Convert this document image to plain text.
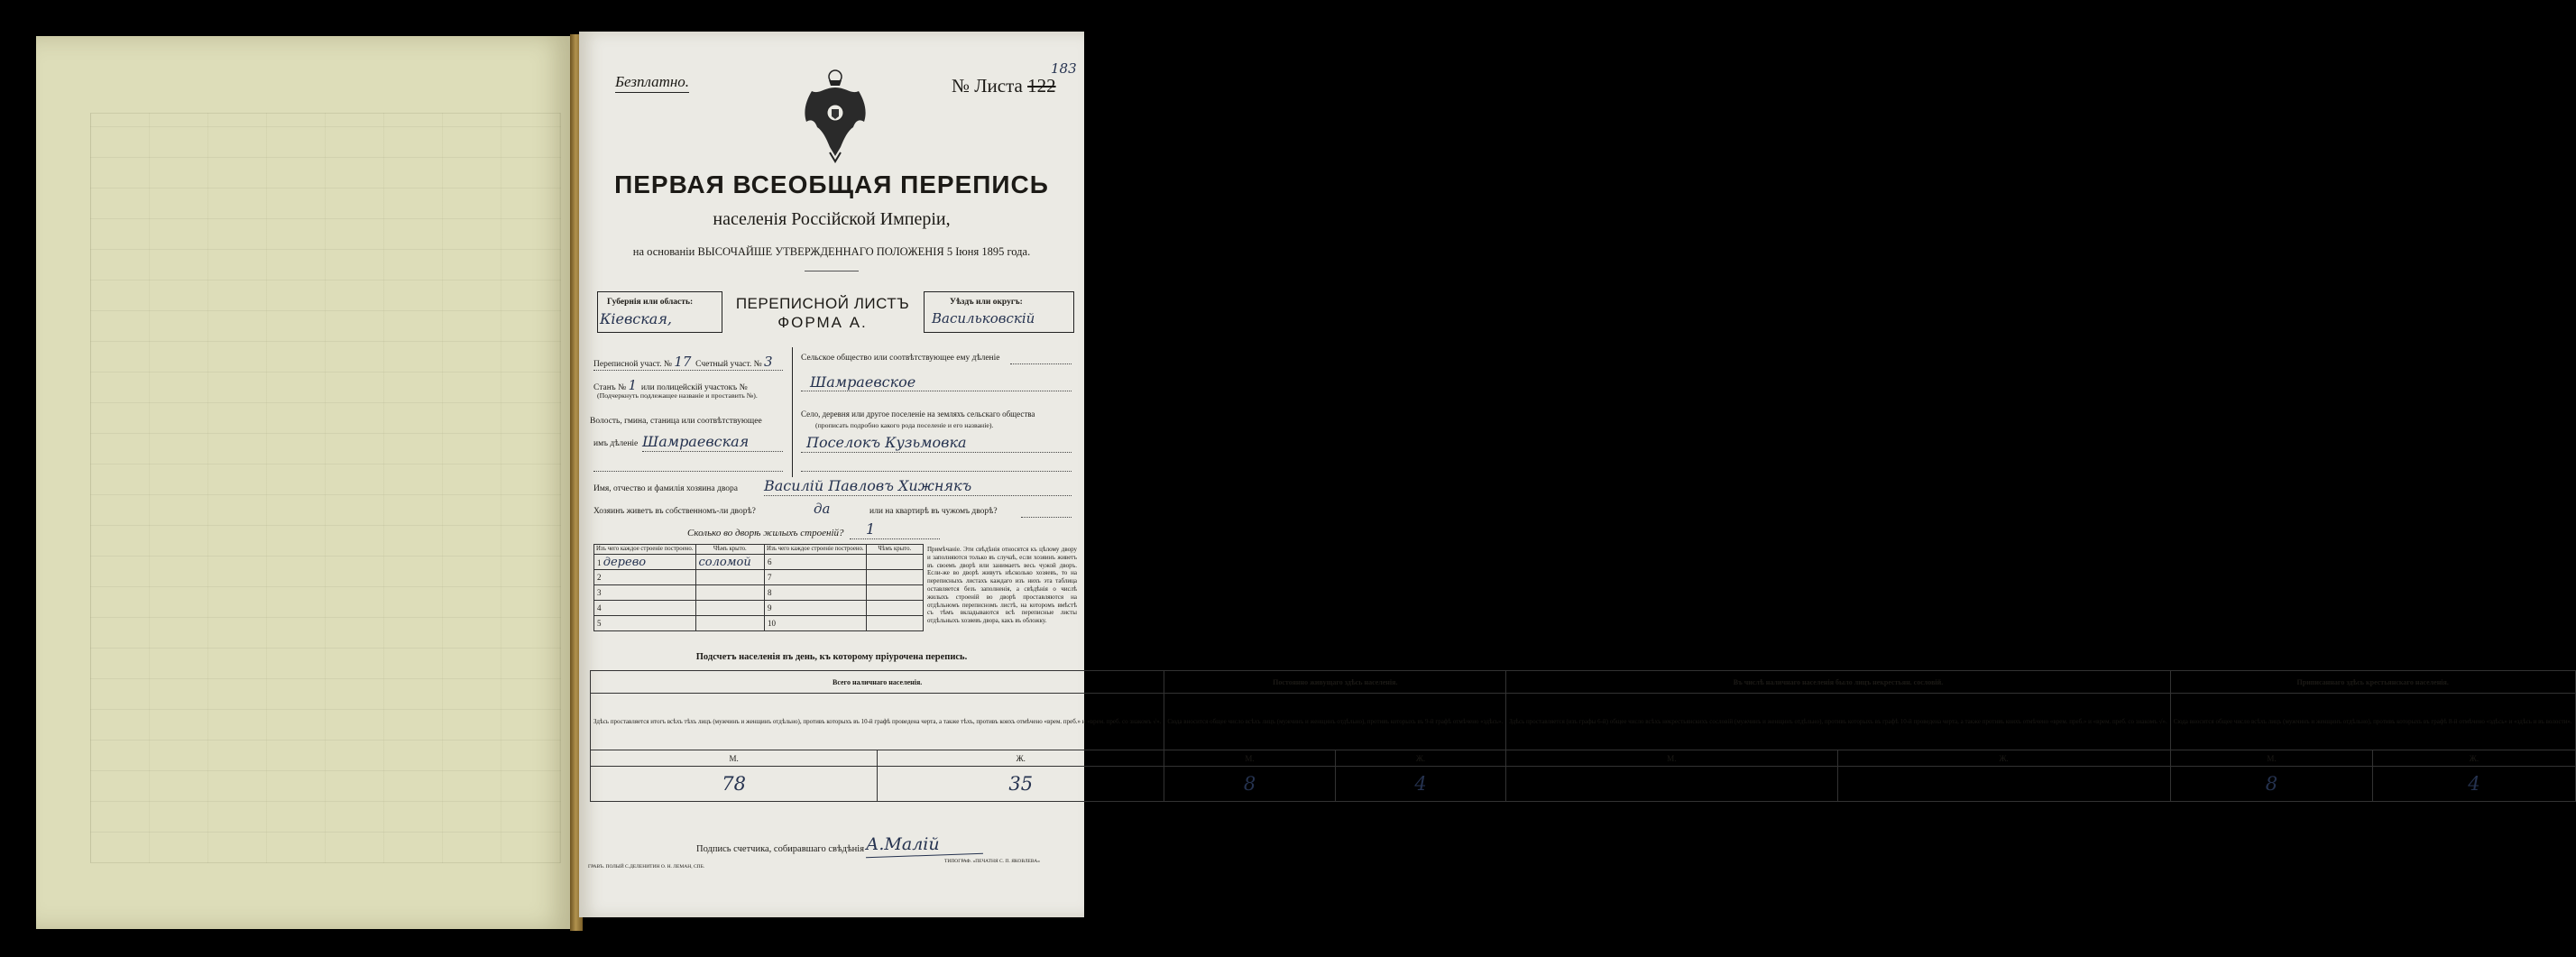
Безплатно.	№ Листа 122
183
ПЕРВАЯ ВСЕОБЩАЯ ПЕРЕПИСЬ
населенія Россійской Имперіи,
на основаніи ВЫСОЧАЙШЕ УТВЕРЖДЕННАГО ПОЛОЖЕНІЯ 5 Іюня 1895 года.
Губернія или область:
Кіевская,
ПЕРЕПИСНОЙ ЛИСТЪ
ФОРМА А.
Уѣздъ или округъ:
Васильковскій
Переписной участ. № 17 Счетный участ. № 3
Станъ № 1 или полицейскій участокъ №
(Подчеркнуть подлежащее названіе и проставить №).
Волость, гмина, станица или соотвѣтствующее
имъ дѣленіе Шамраевская
Сельское общество или соотвѣтствующее ему дѣленіе
Шамраевское
Село, деревня или другое поселеніе на земляхъ сельскаго общества
(прописать подробно какого рода поселеніе и его названіе).
Поселокъ Кузьмовка
Имя, отчество и фамилія хозяина двора Василій Павловъ Хижнякъ
Хозяинъ живетъ въ собственномъ-ли дворѣ?	да	или на квартирѣ въ чужомъ дворѣ?
Сколько во дворѣ жилыхъ строеній? 1
Изъ чего каждое строеніе построено.	Чѣмъ крыто.	Изъ чего каждое строеніе построено.	Чѣмъ крыто.
1 дерево	соломой	6	
2		7	
3		8	
4		9	
5		10	
Примѣчаніе. Эти свѣдѣнія относятся къ цѣлому двору и заполняются только въ случаѣ, если хозяинъ живетъ въ своемъ дворѣ или занимаетъ весь чужой дворъ. Если-же во дворѣ живутъ нѣсколько хозяевъ, то на переписныхъ листахъ каждаго изъ нихъ эта таблица оставляется безъ заполненія, а свѣдѣнія о числѣ жилыхъ строеній во дворѣ проставляются на отдѣльномъ переписномъ листѣ, на которомъ вмѣстѣ съ тѣмъ вкладываются всѣ переписные листы отдѣльныхъ хозяевъ двора, какъ въ обложку.
Подсчетъ населенія въ день, къ которому пріурочена перепись.
Всего наличнаго населенія.		Постоянно живущаго здѣсь населенія.		Въ числѣ наличнаго населенія было лицъ некрестьян. сословій.		Приписаннаго здѣсь крестьянскаго населенія.	
Здѣсь проставляется итогъ всѣхъ тѣхъ лицъ (мужчинъ и женщинъ отдѣльно), противъ которыхъ въ 10-й графѣ проведена черта, а также тѣхъ, противъ коихъ отмѣчено «врем. преб.» и «врем. преб. со знакомъ √».		Сюда вносится общее число всѣхъ лицъ (мужчинъ и женщинъ отдѣльно), противъ которыхъ въ 9-й графѣ отмѣчено «здѣсь».		Здѣсь проставляется (изъ графы 6-й) общее число всѣхъ некрестьянскихъ сословій (мужчинъ и женщинъ отдѣльно), противъ которыхъ въ графѣ 10-й проведена черта, а также противъ коихъ отмѣчено «врем. преб.» и «врем. преб. со знакомъ √».		Сюда вносится общее число всѣхъ лицъ (мужчинъ и женщинъ отдѣльно), противъ которыхъ въ графѣ 8-й отмѣчено «здѣсь» и «здѣсь и въ волости».	
М.	Ж.	М.	Ж.	М.	Ж.	М.	Ж.
78	35	8	4			8	4
Подпись счетчика, собиравшаго свѣдѣнія А.Малій
ГРАВЪ. ПОЛЫЙ С.ДЕЛЕНИТИН О. Н. ЛЕМАН, СПБ.
ТИПОГРАФ. «ПЕЧАТНЯ С. П. ЯКОВЛЕВА»
